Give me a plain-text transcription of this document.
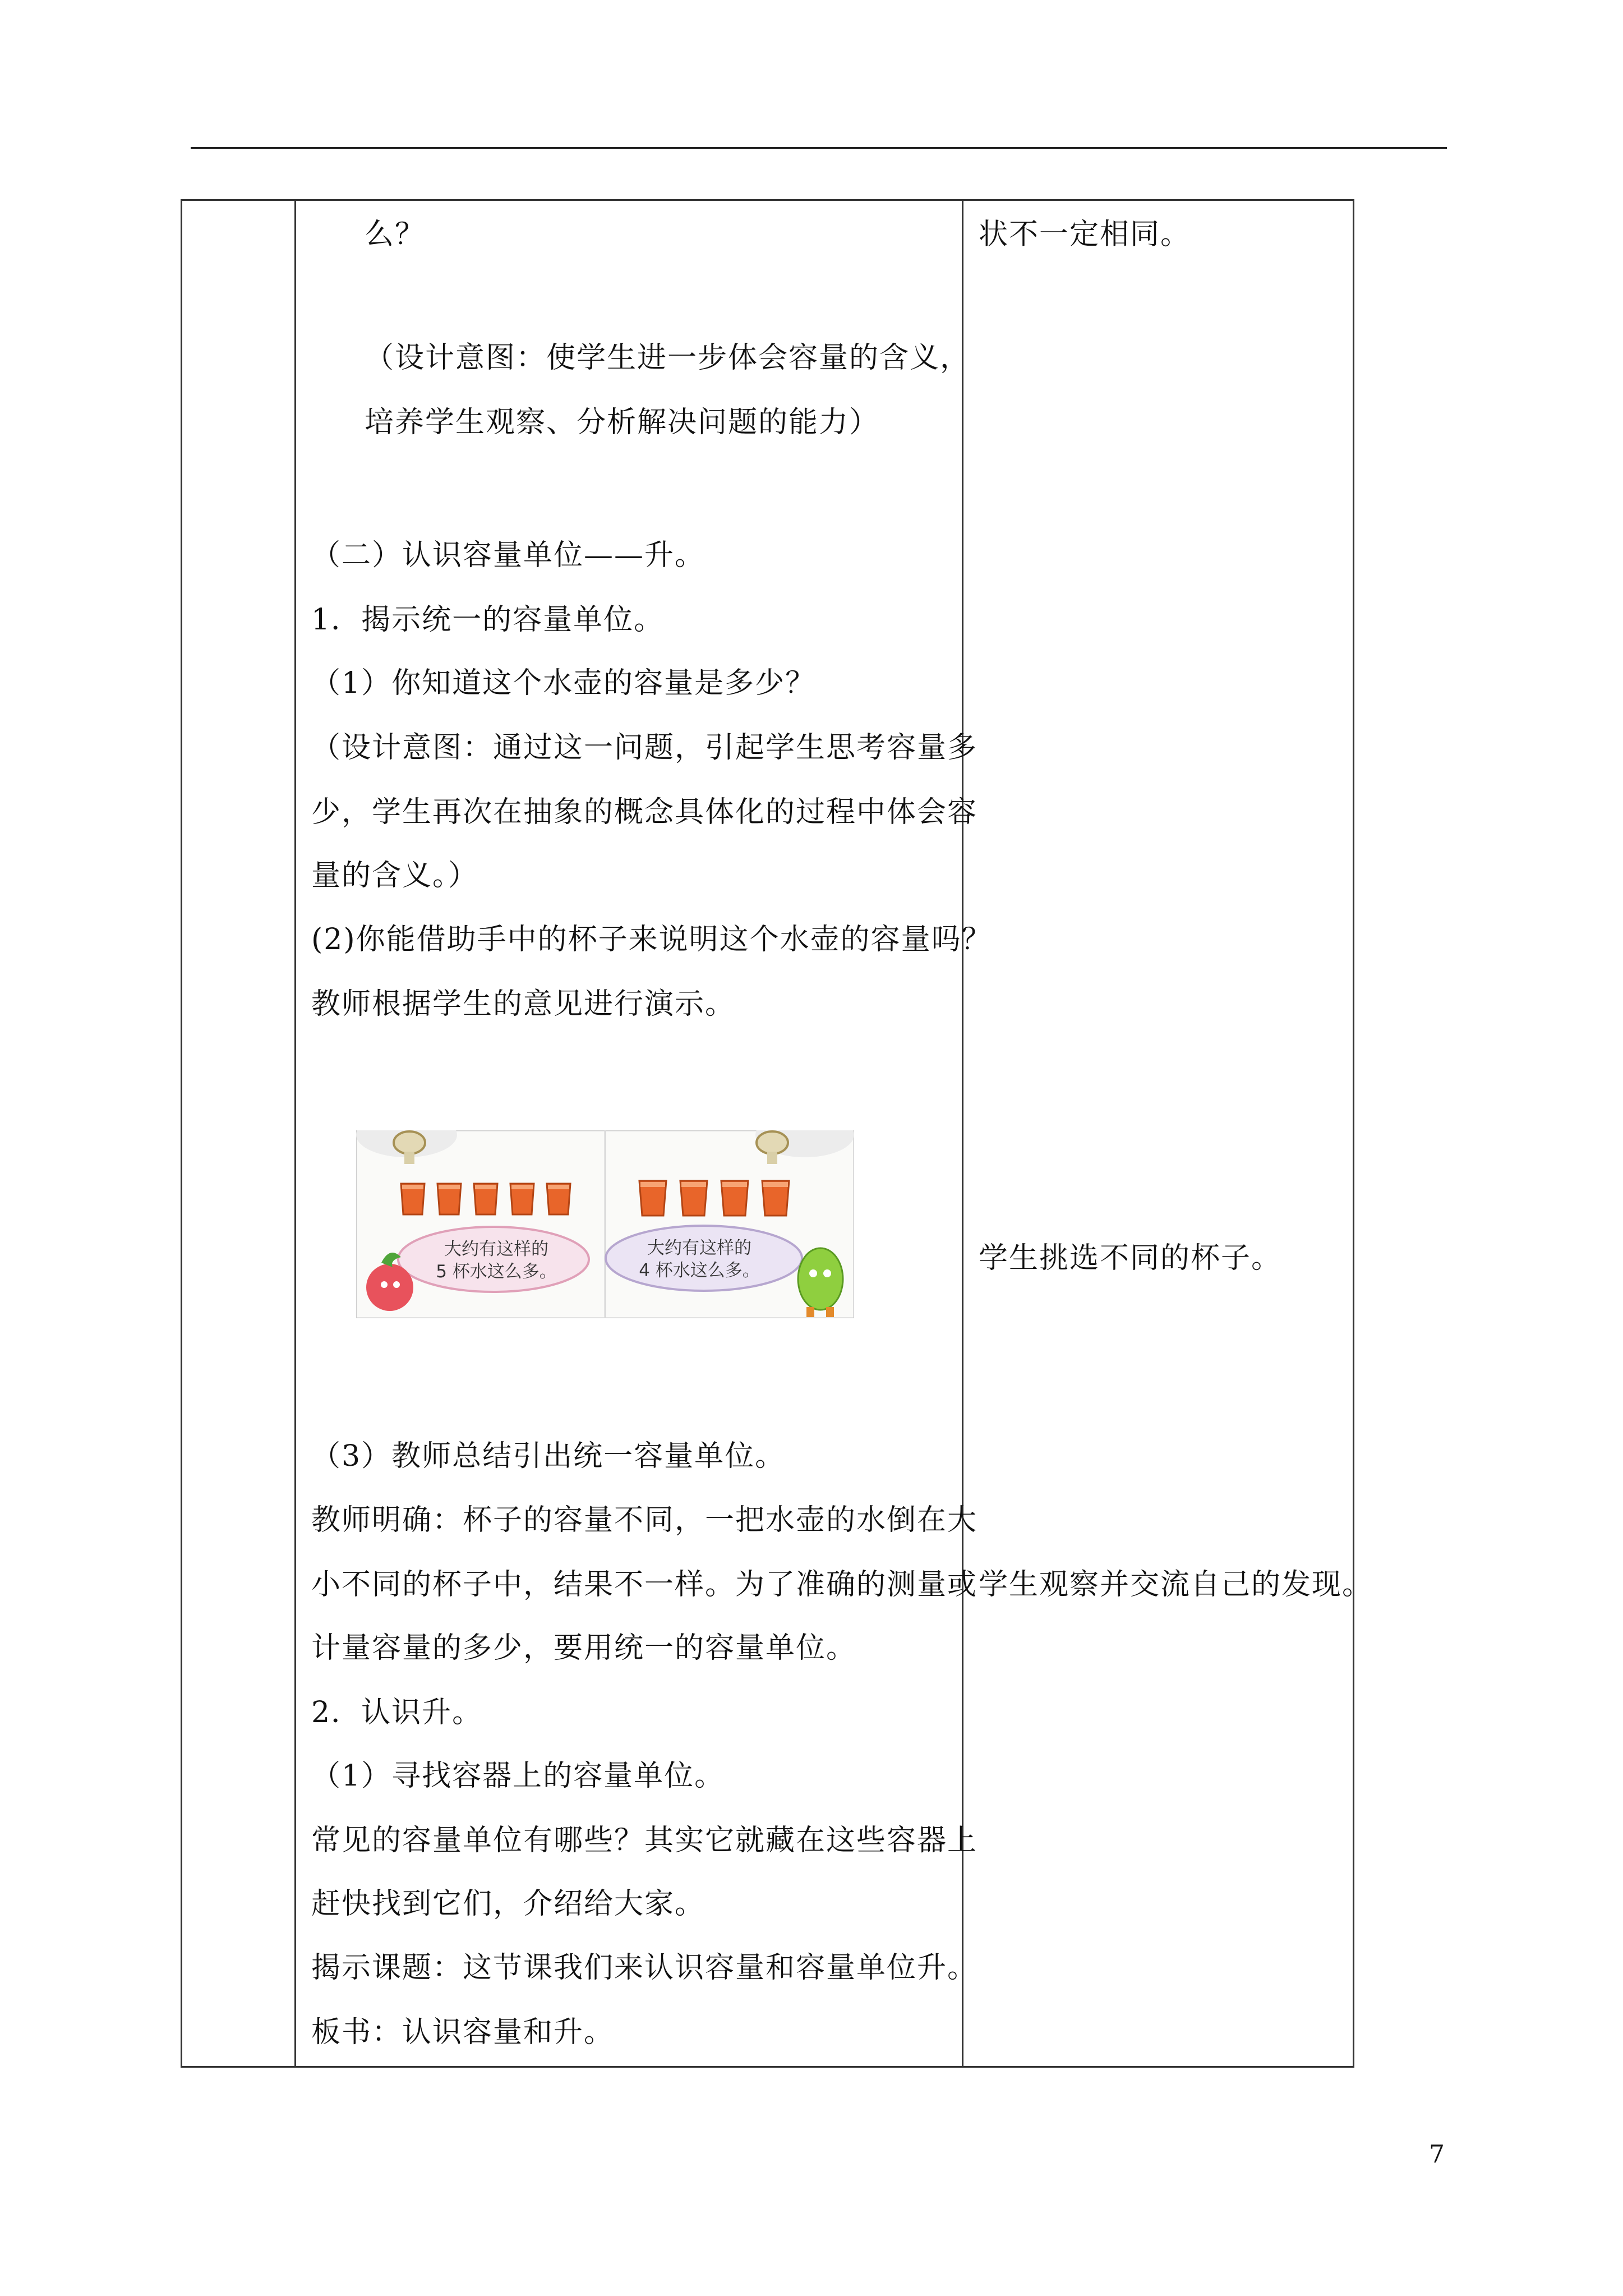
么？
（设计意图：使学生进一步体会容量的含义，
培养学生观察、分析解决问题的能力）
（二）认识容量单位——升。
1．揭示统一的容量单位。
（1）你知道这个水壶的容量是多少？
（设计意图：通过这一问题，引起学生思考容量多
少，学生再次在抽象的概念具体化的过程中体会容
量的含义。）
(2)你能借助手中的杯子来说明这个水壶的容量吗？
教师根据学生的意见进行演示。
（3）教师总结引出统一容量单位。
教师明确：杯子的容量不同，一把水壶的水倒在大
小不同的杯子中，结果不一样。为了准确的测量或
计量容量的多少，要用统一的容量单位。
2．认识升。
（1）寻找容器上的容量单位。
常见的容量单位有哪些？其实它就藏在这些容器上
赶快找到它们，介绍给大家。
揭示课题：这节课我们来认识容量和容量单位升。
板书：认识容量和升。
状不一定相同。
学生挑选不同的杯子。
学生观察并交流自己的发现。
大约有这样的
5 杯水这么多。
大约有这样的
4 杯水这么多。
7
